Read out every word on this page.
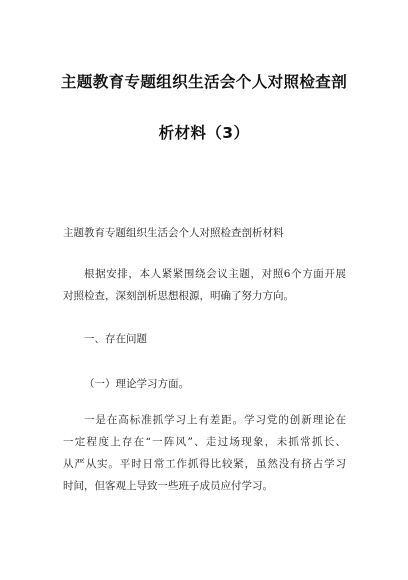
主题教育专题组织生活会个人对照检查剖
析材料（3）
主题教育专题组织生活会个人对照检查剖析材料
根据安排，本人紧紧围绕会议主题，对照6个方面开展
对照检查，深刻剖析思想根源，明确了努力方向。
一、存在问题
（一）理论学习方面。
一是在高标准抓学习上有差距。学习党的创新理论在
一定程度上存在“一阵风”、走过场现象，未抓常抓长、
从严从实。平时日常工作抓得比较紧，虽然没有挤占学习
时间，但客观上导致一些班子成员应付学习。
